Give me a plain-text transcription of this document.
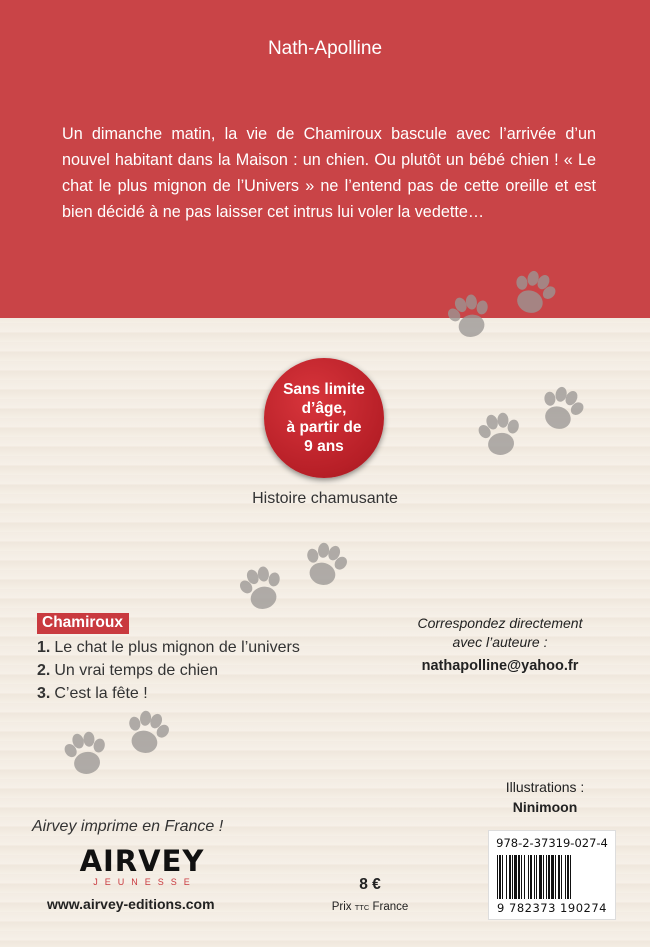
Nath-Apolline

Un dimanche matin, la vie de Chamiroux bascule avec l’arrivée d’un nouvel habitant dans la Maison : un chien. Ou plutôt un bébé chien ! « Le chat le plus mignon de l’Univers » ne l’entend pas de cette oreille et est bien décidé à ne pas laisser cet intrus lui voler la vedette…

Sans limite
d’âge,
à partir de
9 ans
Histoire chamusante
Chamiroux
1. Le chat le plus mignon de l’univers
2. Un vrai temps de chien
3. C’est la fête !
Correspondez directement
avec l’auteure :
nathapolline@yahoo.fr
Illustrations :
Ninimoon
Airvey imprime en France !
AIRVEY
JEUNESSE
www.airvey-editions.com
8 €
Prix TTC France
978-2-37319-027-4
9 782373 190274
